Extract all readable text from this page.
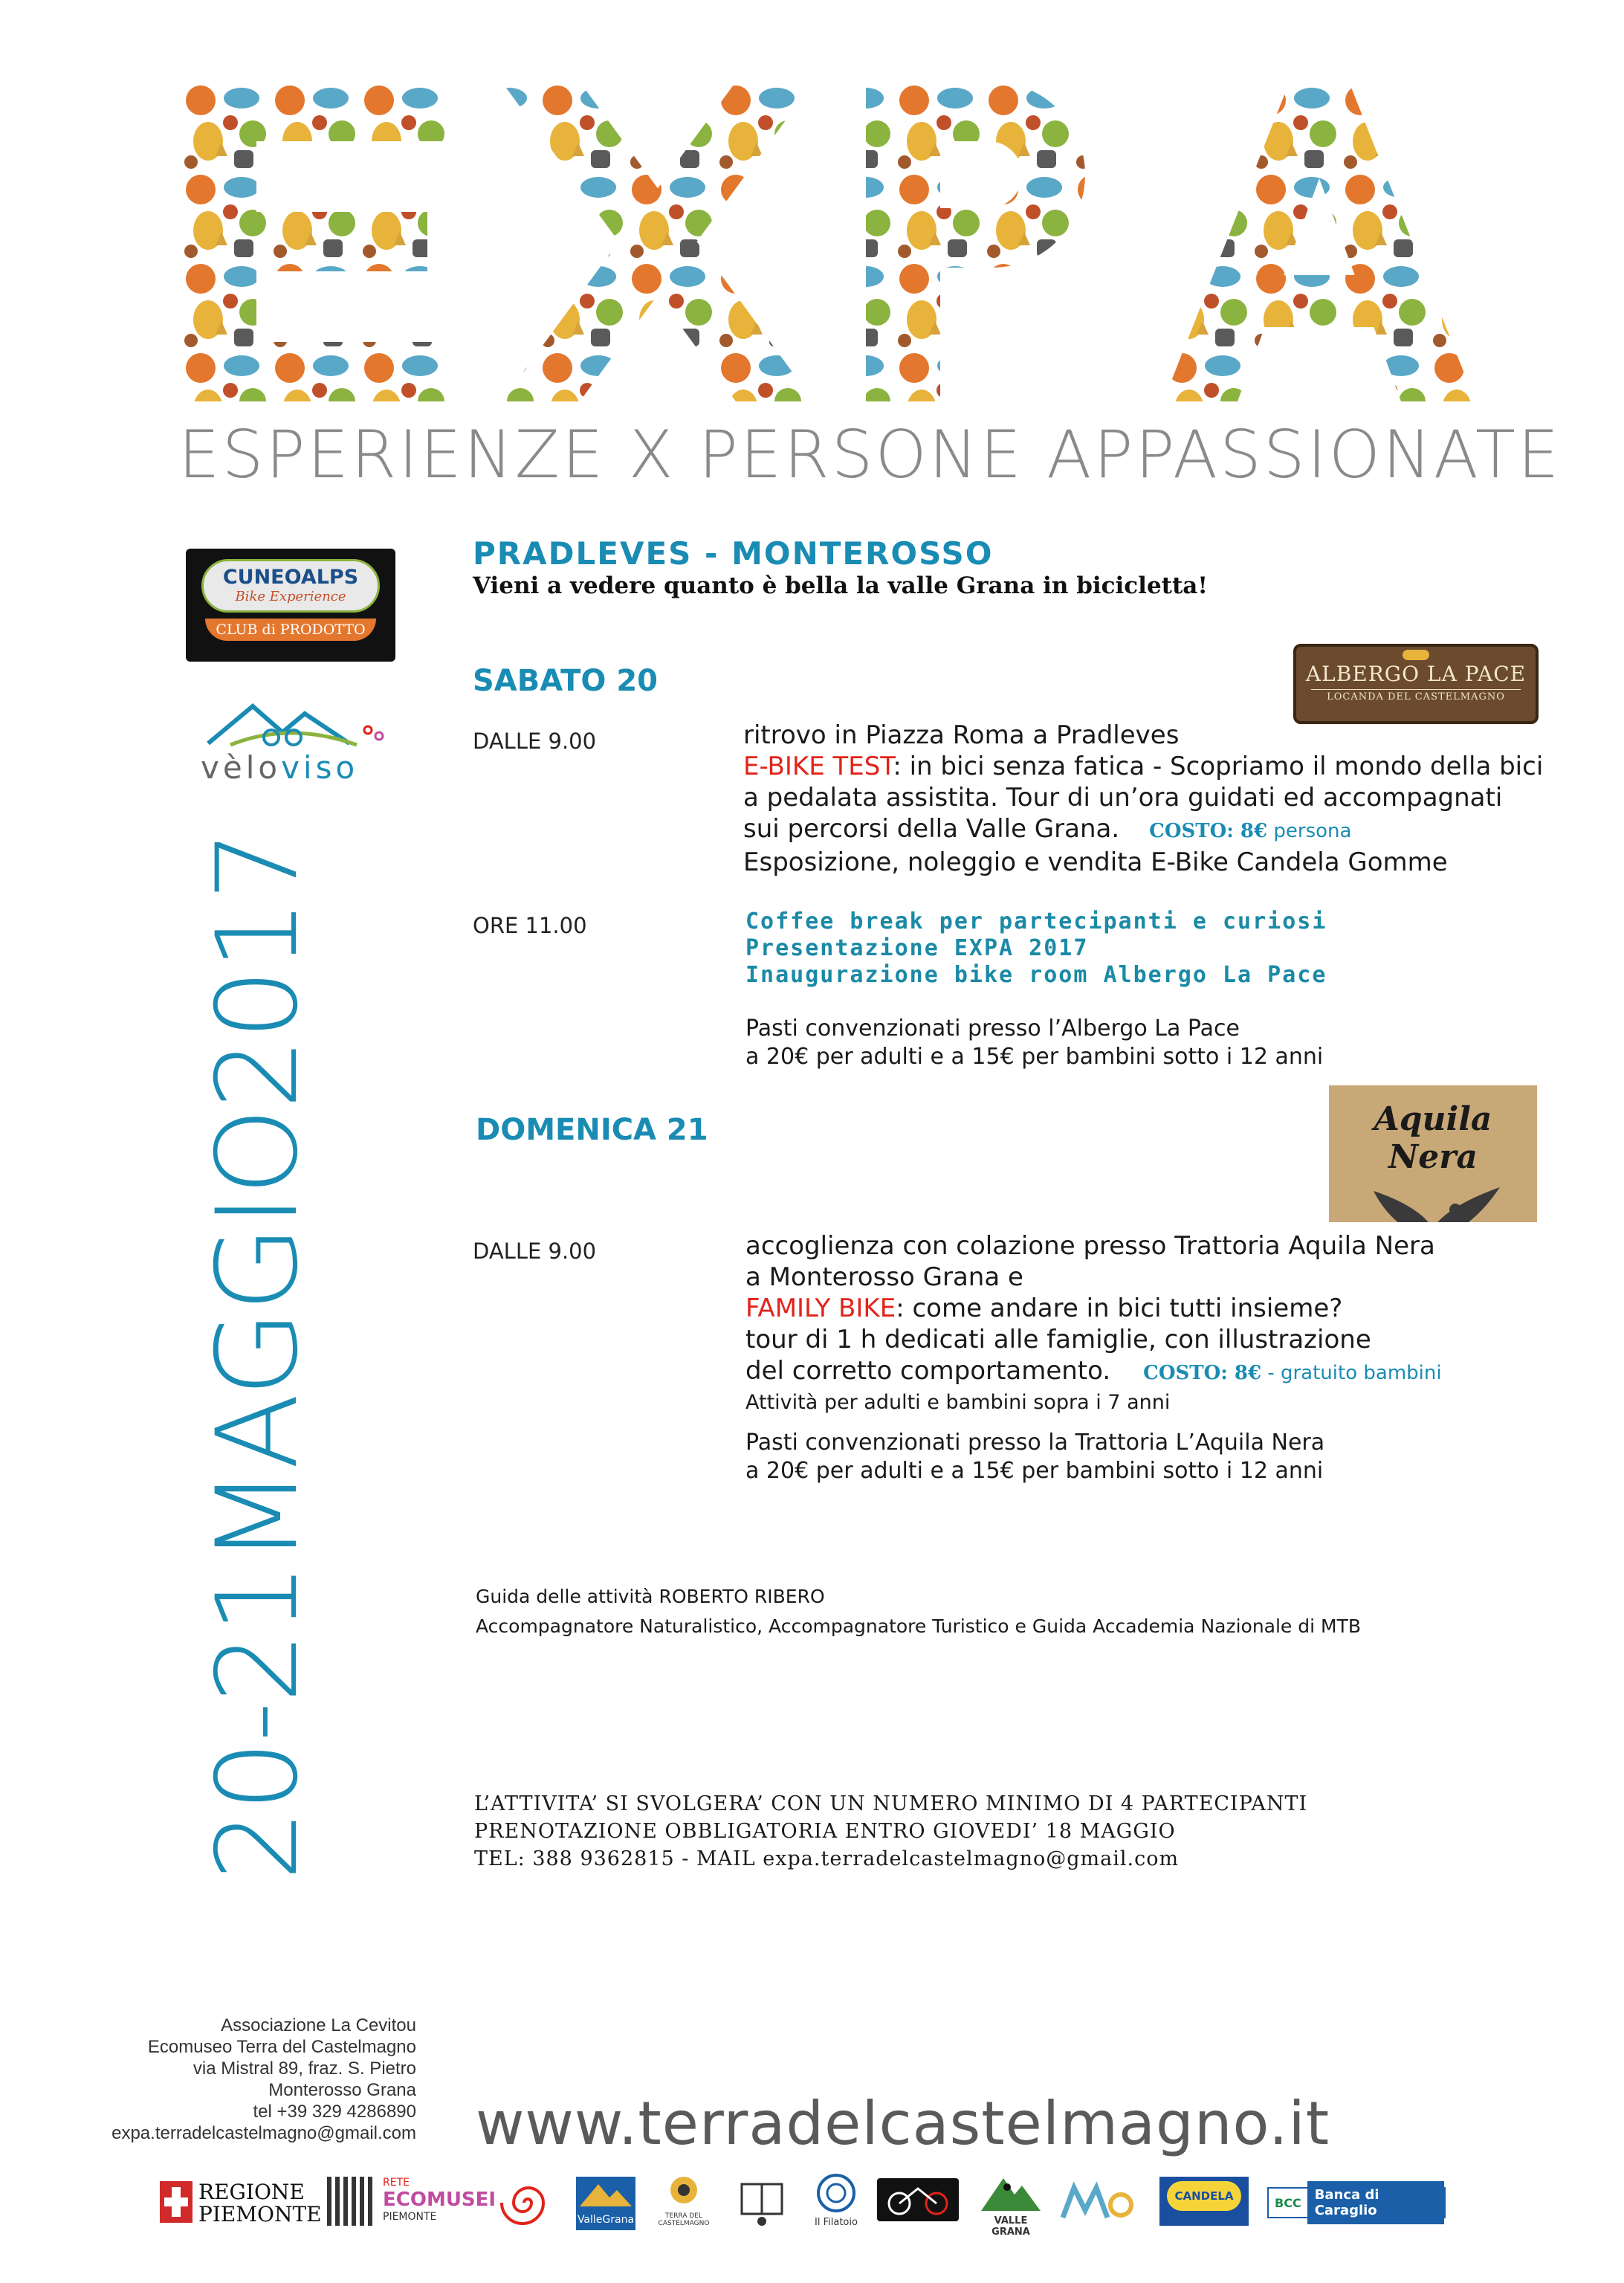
ESPERIENZE X PERSONE APPASSIONATE
CUNEOALPS
Bike Experience
CLUB di PRODOTTO
vèloviso
20-21MAGGIO2017
PRADLEVES - MONTEROSSO
Vieni a vedere quanto è bella la valle Grana in bicicletta!
ALBERGO LA PACE
LOCANDA DEL CASTELMAGNO
SABATO 20
DALLE 9.00	ritrovo in Piazza Roma a Pradleves
E-BIKE TEST: in bici senza fatica - Scopriamo il mondo della bici
a pedalata assistita. Tour di un’ora guidati ed accompagnati
sui percorsi della Valle Grana. COSTO: 8€ persona
Esposizione, noleggio e vendita E-Bike Candela Gomme
ORE 11.00	Coffee break per partecipanti e curiosi
Presentazione EXPA 2017
Inaugurazione bike room Albergo La Pace
Pasti convenzionati presso l’Albergo La Pace
a 20€ per adulti e a 15€ per bambini sotto i 12 anni
Aquila Nera
DOMENICA 21
DALLE 9.00	accoglienza con colazione presso Trattoria Aquila Nera
a Monterosso Grana e
FAMILY BIKE: come andare in bici tutti insieme?
tour di 1 h dedicati alle famiglie, con illustrazione
del corretto comportamento. COSTO: 8€ - gratuito bambini
Attività per adulti e bambini sopra i 7 anni
Pasti convenzionati presso la Trattoria L’Aquila Nera
a 20€ per adulti e a 15€ per bambini sotto i 12 anni
Guida delle attività ROBERTO RIBERO
Accompagnatore Naturalistico, Accompagnatore Turistico e Guida Accademia Nazionale di MTB
L’ATTIVITA’ SI SVOLGERA’ CON UN NUMERO MINIMO DI 4 PARTECIPANTI
PRENOTAZIONE OBBLIGATORIA ENTRO GIOVEDI’ 18 MAGGIO
TEL: 388 9362815 - MAIL expa.terradelcastelmagno@gmail.com
Associazione La Cevitou
Ecomuseo Terra del Castelmagno
via Mistral 89, fraz. S. Pietro
Monterosso Grana
tel +39 329 4286890
expa.terradelcastelmagno@gmail.com www.terradelcastelmagno.it
REGIONE
PIEMONTE
RETE
ECOMUSEI
PIEMONTE	ValleGrana	TERRA DEL CASTELMAGNO	Il Filatoio	VALLE GRANA
CANDELA	BCC	Banca di Caraglio
